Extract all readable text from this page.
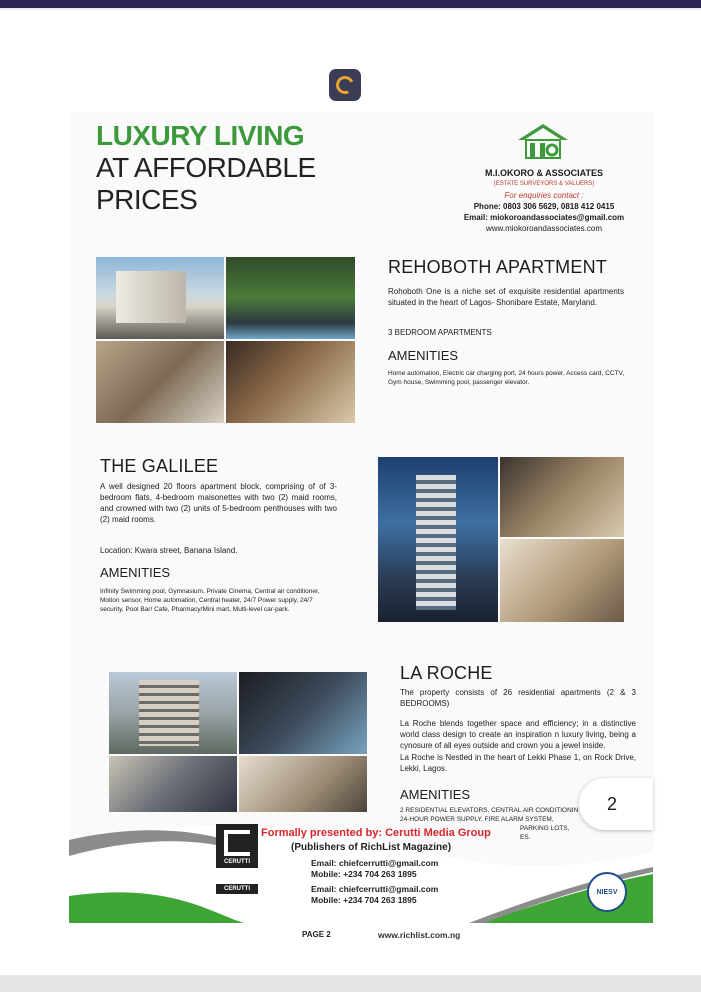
LUXURY LIVING
AT AFFORDABLE
PRICES
M.I.OKORO & ASSOCIATES
(ESTATE SURVEYORS & VALUERS)
For enquiries contact :
Phone: 0803 306 5629, 0818 412 0415
Email: miokoroandassociates@gmail.com
www.miokoroandassociates.com
REHOBOTH APARTMENT
Rohoboth One is a niche set of exquisite residential apartments situated in the heart of Lagos- Shonibare Estate, Maryland.
3 BEDROOM APARTMENTS
AMENITIES
Home automation, Electric car charging port, 24 hours power, Access card, CCTV, Gym house, Swimming pool, passenger elevator.
THE GALILEE
A well designed 20 floors apartment block, comprising of of 3-bedroom flats, 4-bedroom maisonettes with two (2) maid rooms, and crowned with two (2) units of 5-bedroom penthouses with two (2) maid rooms.
Location: Kwara street, Banana Island.
AMENITIES
Infinity Swimming pool, Gymnasium, Private Cinema, Central air conditioner, Motion sensor, Home automation, Central heater, 24/7 Power supply, 24/7 security, Pool Bar/ Cafe, Pharmacy/Mini mart, Multi-level car-park.
LA ROCHE
The property consists of 26 residential apartments (2 & 3 BEDROOMS)
La Roche blends together space and efficiency; in a distinctive world class design to create an inspiration n luxury living, being a cynosure of all eyes outside and crown you a jewel inside.
La Roche is Nestled in the heart of Lekki Phase 1, on Rock Drive, Lekki, Lagos.
AMENITIES
2 RESIDENTIAL ELEVATORS, CENTRAL AIR CONDITIONIN
24-HOUR POWER SUPPLY, FIRE ALARM SYSTEM,
PARKING LOTS,
ES.
CERUTTI
CERUTTI
Formally presented by: Cerutti Media Group
(Publishers of RichList Magazine)
Email: chiefcerrutti@gmail.com
Mobile: +234 704 263 1895
Email: chiefcerrutti@gmail.com
Mobile: +234 704 263 1895
NIESV
2
PAGE 2	www.richlist.com.ng
